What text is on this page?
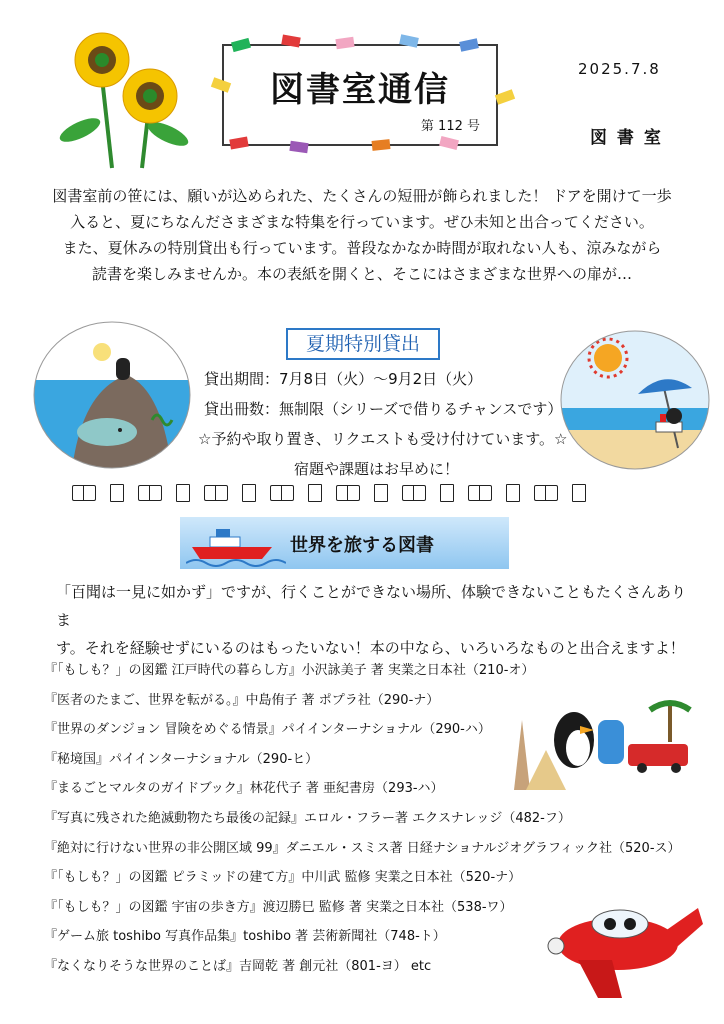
図書室通信
第 112 号
2025.7.8
図 書 室

図書室前の笹には、願いが込められた、たくさんの短冊が飾られました！ ドアを開けて一歩

入ると、夏にちなんださまざまな特集を行っています。ぜひ未知と出合ってください。

また、夏休みの特別貸出も行っています。普段なかなか時間が取れない人も、涼みながら

読書を楽しみませんか。本の表紙を開くと、そこにはさまざまな世界への扉が…

夏期特別貸出
貸出期間：7月8日（火）～9月2日（火）
貸出冊数：無制限（シリーズで借りるチャンスです）
☆予約や取り置き、リクエストも受け付けています。☆
宿題や課題はお早めに！
世界を旅する図書

「百聞は一見に如かず」ですが、行くことができない場所、体験できないこともたくさんありま

す。それを経験せずにいるのはもったいない！本の中なら、いろいろなものと出合えますよ！

『「もしも？」の図鑑 江戸時代の暮らし方』小沢詠美子 著 実業之日本社（210-オ）
『医者のたまご、世界を転がる。』中島侑子 著 ポプラ社（290-ナ）
『世界のダンジョン 冒険をめぐる情景』パイインターナショナル（290-ハ）
『秘境国』パイインターナショナル（290-ヒ）
『まるごとマルタのガイドブック』林花代子 著 亜紀書房（293-ハ）
『写真に残された絶滅動物たち最後の記録』エロル・フラー著 エクスナレッジ（482-フ）
『絶対に行けない世界の非公開区域 99』ダニエル・スミス著 日経ナショナルジオグラフィック社（520-ス）
『「もしも？」の図鑑 ピラミッドの建て方』中川武 監修 実業之日本社（520-ナ）
『「もしも？」の図鑑 宇宙の歩き方』渡辺勝巳 監修 著 実業之日本社（538-ワ）
『ゲーム旅 toshibo 写真作品集』toshibo 著 芸術新聞社（748-ト）
『なくなりそうな世界のことば』吉岡乾 著 創元社（801-ヨ） etc
